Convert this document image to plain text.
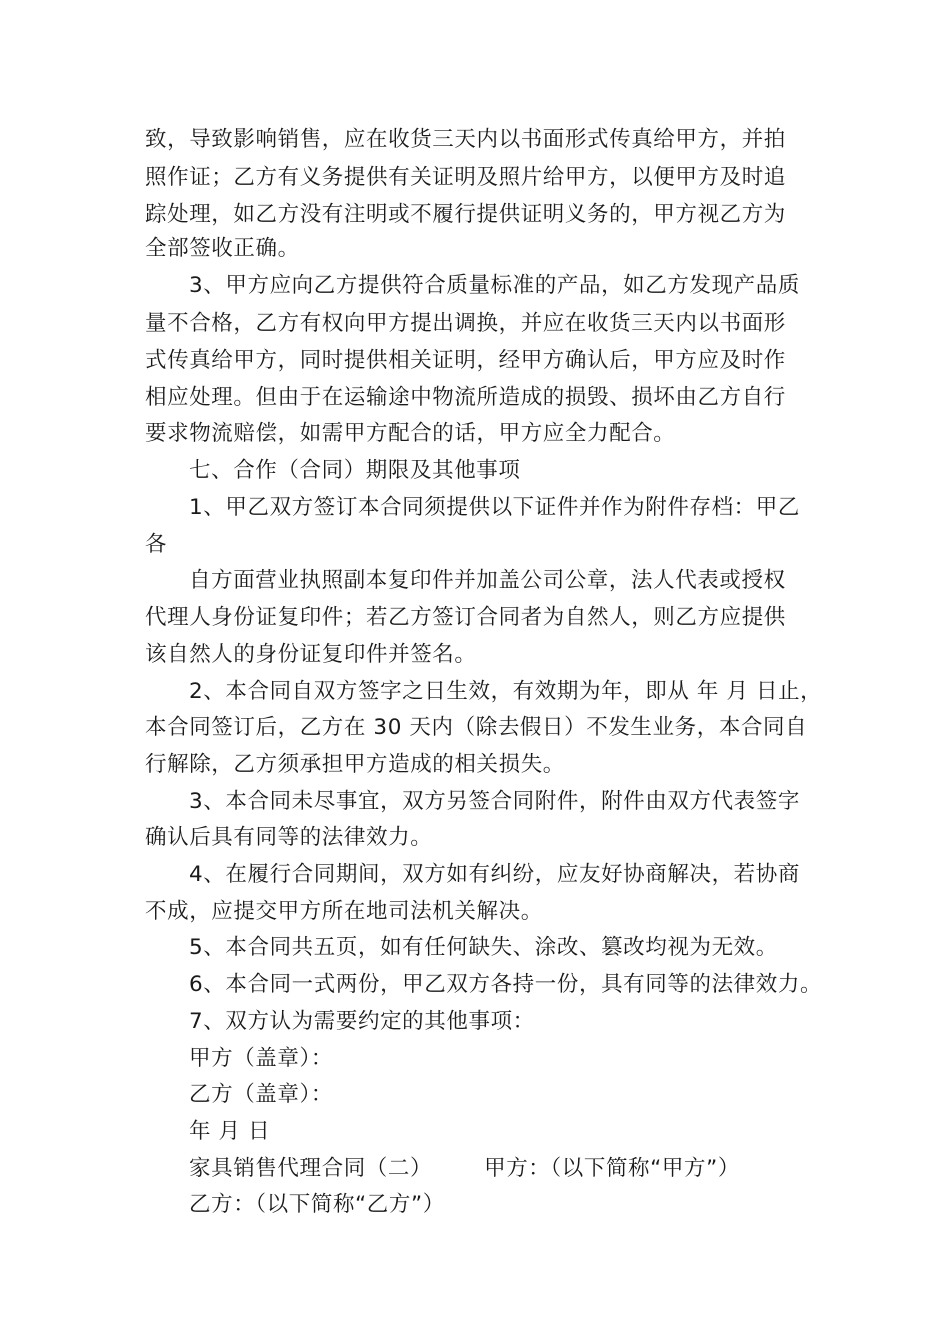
致，导致影响销售，应在收货三天内以书面形式传真给甲方，并拍
照作证；乙方有义务提供有关证明及照片给甲方，以便甲方及时追
踪处理，如乙方没有注明或不履行提供证明义务的，甲方视乙方为
全部签收正确。
3、甲方应向乙方提供符合质量标准的产品，如乙方发现产品质
量不合格，乙方有权向甲方提出调换，并应在收货三天内以书面形
式传真给甲方，同时提供相关证明，经甲方确认后，甲方应及时作
相应处理。但由于在运输途中物流所造成的损毁、损坏由乙方自行
要求物流赔偿，如需甲方配合的话，甲方应全力配合。
七、合作（合同）期限及其他事项
1、甲乙双方签订本合同须提供以下证件并作为附件存档：甲乙
各
自方面营业执照副本复印件并加盖公司公章，法人代表或授权
代理人身份证复印件；若乙方签订合同者为自然人，则乙方应提供
该自然人的身份证复印件并签名。
2、本合同自双方签字之日生效，有效期为年，即从 年 月 日止，
本合同签订后，乙方在 30 天内（除去假日）不发生业务，本合同自
行解除，乙方须承担甲方造成的相关损失。
3、本合同未尽事宜，双方另签合同附件，附件由双方代表签字
确认后具有同等的法律效力。
4、在履行合同期间，双方如有纠纷，应友好协商解决，若协商
不成，应提交甲方所在地司法机关解决。
5、本合同共五页，如有任何缺失、涂改、篡改均视为无效。
6、本合同一式两份，甲乙双方各持一份，具有同等的法律效力。
7、双方认为需要约定的其他事项：
甲方（盖章）：
乙方（盖章）：
年 月 日
家具销售代理合同（二） 甲方：（以下简称“甲方”）
乙方：（以下简称“乙方”）
